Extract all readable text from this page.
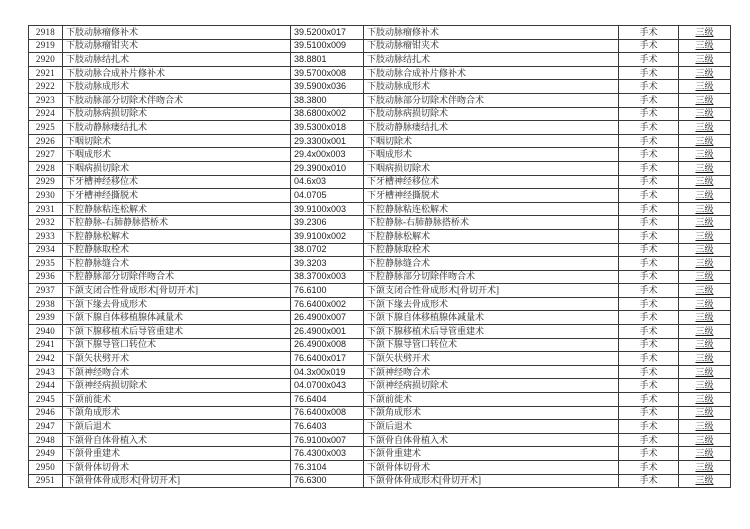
2918	下肢动脉瘤修补术	39.5200x017	下肢动脉瘤修补术	手术	三级
2919	下肢动脉瘤钳夹术	39.5100x009	下肢动脉瘤钳夹术	手术	三级
2920	下肢动脉结扎术	38.8801	下肢动脉结扎术	手术	三级
2921	下肢动脉合成补片修补术	39.5700x008	下肢动脉合成补片修补术	手术	三级
2922	下肢动脉成形术	39.5900x036	下肢动脉成形术	手术	三级
2923	下肢动脉部分切除术伴吻合术	38.3800	下肢动脉部分切除术伴吻合术	手术	三级
2924	下肢动脉病损切除术	38.6800x002	下肢动脉病损切除术	手术	三级
2925	下肢动静脉瘘结扎术	39.5300x018	下肢动静脉瘘结扎术	手术	三级
2926	下咽切除术	29.3300x001	下咽切除术	手术	三级
2927	下咽成形术	29.4x00x003	下咽成形术	手术	三级
2928	下咽病损切除术	29.3900x010	下咽病损切除术	手术	三级
2929	下牙槽神经移位术	04.6x03	下牙槽神经移位术	手术	三级
2930	下牙槽神经撕脱术	04.0705	下牙槽神经撕脱术	手术	三级
2931	下腔静脉粘连松解术	39.9100x003	下腔静脉粘连松解术	手术	三级
2932	下腔静脉-右肺静脉搭桥术	39.2306	下腔静脉-右肺静脉搭桥术	手术	三级
2933	下腔静脉松解术	39.9100x002	下腔静脉松解术	手术	三级
2934	下腔静脉取栓术	38.0702	下腔静脉取栓术	手术	三级
2935	下腔静脉缝合术	39.3203	下腔静脉缝合术	手术	三级
2936	下腔静脉部分切除伴吻合术	38.3700x003	下腔静脉部分切除伴吻合术	手术	三级
2937	下颌支闭合性骨成形术[骨切开术]	76.6100	下颌支闭合性骨成形术[骨切开术]	手术	三级
2938	下颌下缘去骨成形术	76.6400x002	下颌下缘去骨成形术	手术	三级
2939	下颌下腺自体移植腺体减量术	26.4900x007	下颌下腺自体移植腺体减量术	手术	三级
2940	下颌下腺移植术后导管重建术	26.4900x001	下颌下腺移植术后导管重建术	手术	三级
2941	下颌下腺导管口转位术	26.4900x008	下颌下腺导管口转位术	手术	三级
2942	下颌矢状劈开术	76.6400x017	下颌矢状劈开术	手术	三级
2943	下颌神经吻合术	04.3x00x019	下颌神经吻合术	手术	三级
2944	下颌神经病损切除术	04.0700x043	下颌神经病损切除术	手术	三级
2945	下颌前徙术	76.6404	下颌前徙术	手术	三级
2946	下颌角成形术	76.6400x008	下颌角成形术	手术	三级
2947	下颌后退术	76.6403	下颌后退术	手术	三级
2948	下颌骨自体骨植入术	76.9100x007	下颌骨自体骨植入术	手术	三级
2949	下颌骨重建术	76.4300x003	下颌骨重建术	手术	三级
2950	下颌骨体切骨术	76.3104	下颌骨体切骨术	手术	三级
2951	下颌骨体骨成形术[骨切开术]	76.6300	下颌骨体骨成形术[骨切开术]	手术	三级
